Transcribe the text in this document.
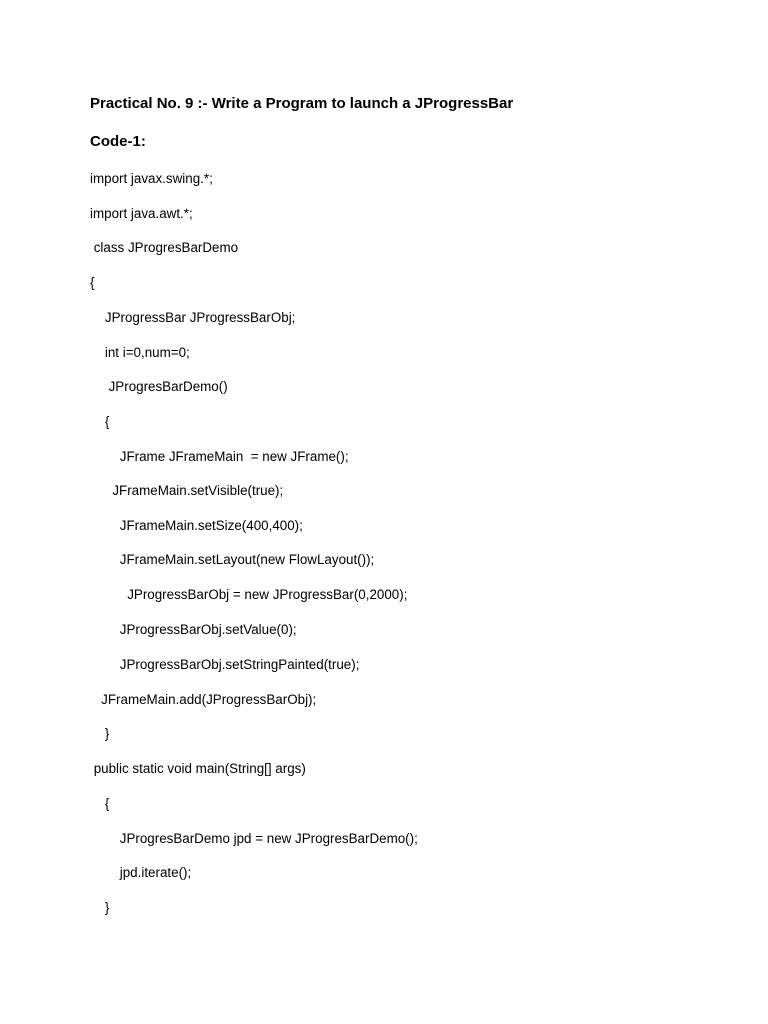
Practical No. 9 :- Write a Program to launch a JProgressBar
Code-1:
import javax.swing.*;
import java.awt.*;
class JProgresBarDemo
{
JProgressBar JProgressBarObj;
int i=0,num=0;
JProgresBarDemo()
{
JFrame JFrameMain  = new JFrame();
JFrameMain.setVisible(true);
JFrameMain.setSize(400,400);
JFrameMain.setLayout(new FlowLayout());
JProgressBarObj = new JProgressBar(0,2000);
JProgressBarObj.setValue(0);
JProgressBarObj.setStringPainted(true);
JFrameMain.add(JProgressBarObj);
}
public static void main(String[] args)
{
JProgresBarDemo jpd = new JProgresBarDemo();
jpd.iterate();
}
